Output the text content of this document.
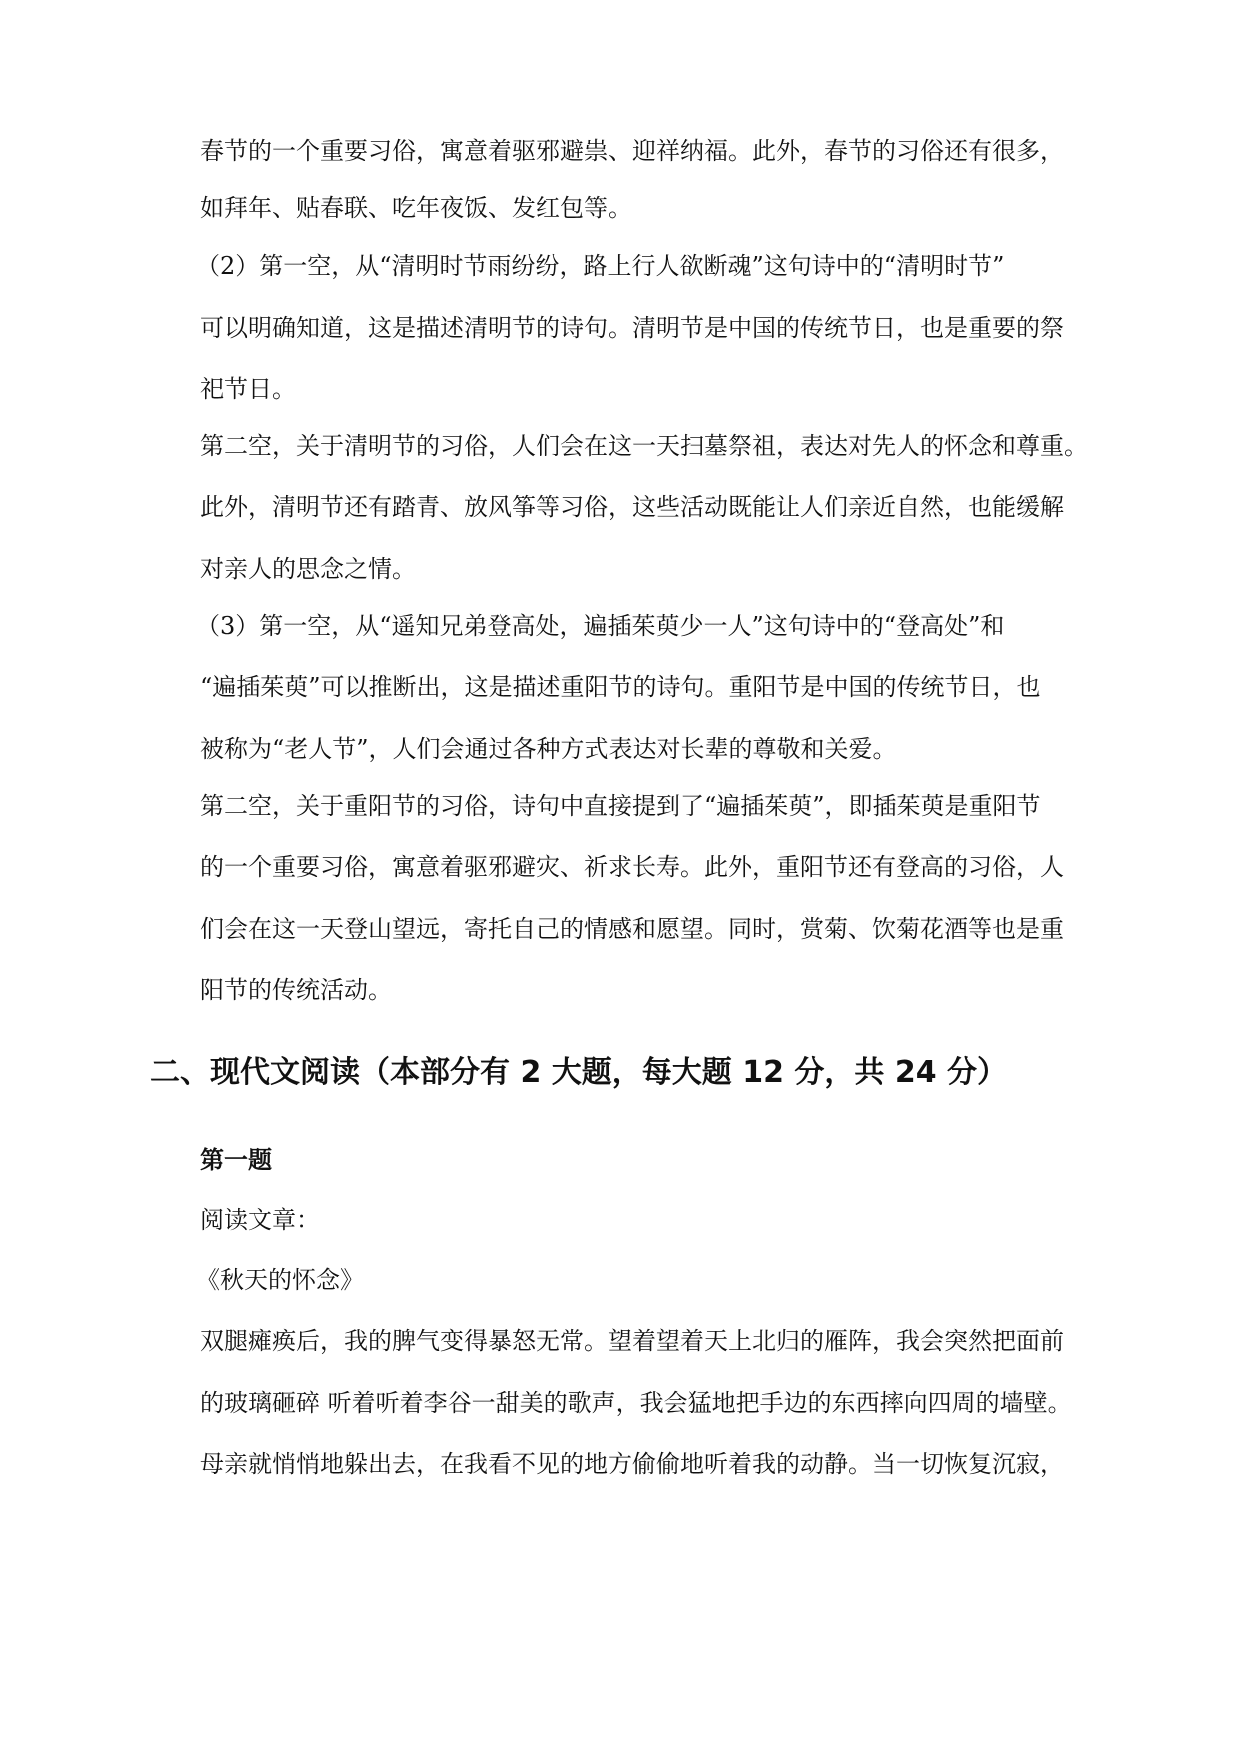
春节的一个重要习俗，寓意着驱邪避祟、迎祥纳福。此外，春节的习俗还有很多，
如拜年、贴春联、吃年夜饭、发红包等。
（2）第一空，从“清明时节雨纷纷，路上行人欲断魂”这句诗中的“清明时节”
可以明确知道，这是描述清明节的诗句。清明节是中国的传统节日，也是重要的祭
祀节日。
第二空，关于清明节的习俗，人们会在这一天扫墓祭祖，表达对先人的怀念和尊重。
此外，清明节还有踏青、放风筝等习俗，这些活动既能让人们亲近自然，也能缓解
对亲人的思念之情。
（3）第一空，从“遥知兄弟登高处，遍插茱萸少一人”这句诗中的“登高处”和
“遍插茱萸”可以推断出，这是描述重阳节的诗句。重阳节是中国的传统节日，也
被称为“老人节”，人们会通过各种方式表达对长辈的尊敬和关爱。
第二空，关于重阳节的习俗，诗句中直接提到了“遍插茱萸”，即插茱萸是重阳节
的一个重要习俗，寓意着驱邪避灾、祈求长寿。此外，重阳节还有登高的习俗，人
们会在这一天登山望远，寄托自己的情感和愿望。同时，赏菊、饮菊花酒等也是重
阳节的传统活动。
二、现代文阅读（本部分有 2 大题，每大题 12 分，共 24 分）
第一题
阅读文章：
《秋天的怀念》
双腿瘫痪后，我的脾气变得暴怒无常。望着望着天上北归的雁阵，我会突然把面前
的玻璃砸碎 听着听着李谷一甜美的歌声，我会猛地把手边的东西摔向四周的墙壁。
母亲就悄悄地躲出去，在我看不见的地方偷偷地听着我的动静。当一切恢复沉寂，
